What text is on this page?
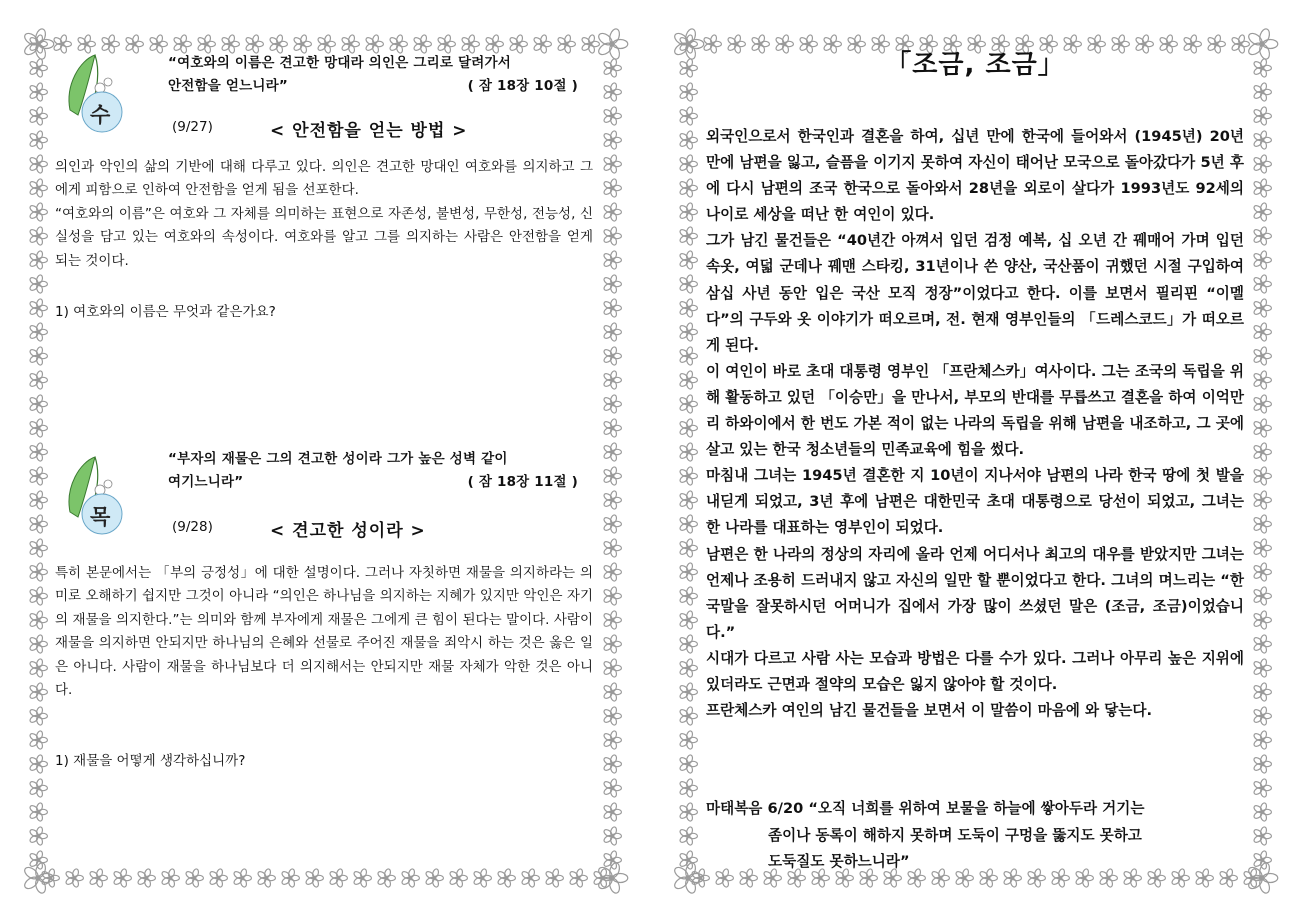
수
“여호와의 이름은 견고한 망대라 의인은 그리로 달려가서
안전함을 얻느니라”	( 잠 18장 10절 )
(9/27)	< 안전함을 얻는 방법 >

의인과 악인의 삶의 기반에 대해 다루고 있다. 의인은 견고한 망대인 여호와를 의지하고 그에게 피함으로 인하여 안전함을 얻게 됨을 선포한다.

“여호와의 이름”은 여호와 그 자체를 의미하는 표현으로 자존성, 불변성, 무한성, 전능성, 신실성을 담고 있는 여호와의 속성이다. 여호와를 알고 그를 의지하는 사람은 안전함을 얻게 되는 것이다.

1) 여호와의 이름은 무엇과 같은가요?
목
“부자의 재물은 그의 견고한 성이라 그가 높은 성벽 같이
여기느니라”	( 잠 18장 11절 )
(9/28)	< 견고한 성이라 >

특히 본문에서는 「부의 긍정성」에 대한 설명이다. 그러나 자칫하면 재물을 의지하라는 의미로 오해하기 쉽지만 그것이 아니라 “의인은 하나님을 의지하는 지혜가 있지만 악인은 자기의 재물을 의지한다.”는 의미와 함께 부자에게 재물은 그에게 큰 힘이 된다는 말이다. 사람이 재물을 의지하면 안되지만 하나님의 은혜와 선물로 주어진 재물을 죄악시 하는 것은 옳은 일은 아니다. 사람이 재물을 하나님보다 더 의지해서는 안되지만 재물 자체가 악한 것은 아니다.

1) 재물을 어떻게 생각하십니까?
「조금, 조금」

외국인으로서 한국인과 결혼을 하여, 십년 만에 한국에 들어와서 (1945년) 20년 만에 남편을 잃고, 슬픔을 이기지 못하여 자신이 태어난 모국으로 돌아갔다가 5년 후에 다시 남편의 조국 한국으로 돌아와서 28년을 외로이 살다가 1993년도 92세의 나이로 세상을 떠난 한 여인이 있다.

그가 남긴 물건들은 “40년간 아껴서 입던 검정 예복, 십 오년 간 꿰매어 가며 입던 속옷, 여덟 군데나 꿰맨 스타킹, 31년이나 쓴 양산, 국산품이 귀했던 시절 구입하여 삼십 사년 동안 입은 국산 모직 정장”이었다고 한다. 이를 보면서 필리핀 “이멜다”의 구두와 옷 이야기가 떠오르며, 전. 현재 영부인들의 「드레스코드」가 떠오르게 된다.

이 여인이 바로 초대 대통령 영부인 「프란체스카」여사이다. 그는 조국의 독립을 위해 활동하고 있던 「이승만」을 만나서, 부모의 반대를 무릅쓰고 결혼을 하여 이억만리 하와이에서 한 번도 가본 적이 없는 나라의 독립을 위해 남편을 내조하고, 그 곳에 살고 있는 한국 청소년들의 민족교육에 힘을 썼다.

마침내 그녀는 1945년 결혼한 지 10년이 지나서야 남편의 나라 한국 땅에 첫 발을 내딛게 되었고, 3년 후에 남편은 대한민국 초대 대통령으로 당선이 되었고, 그녀는 한 나라를 대표하는 영부인이 되었다.

남편은 한 나라의 정상의 자리에 올라 언제 어디서나 최고의 대우를 받았지만 그녀는 언제나 조용히 드러내지 않고 자신의 일만 할 뿐이었다고 한다. 그녀의 며느리는 “한국말을 잘못하시던 어머니가 집에서 가장 많이 쓰셨던 말은 (조금, 조금)이었습니다.”

시대가 다르고 사람 사는 모습과 방법은 다를 수가 있다. 그러나 아무리 높은 지위에 있더라도 근면과 절약의 모습은 잃지 않아야 할 것이다.

프란체스카 여인의 남긴 물건들을 보면서 이 말씀이 마음에 와 닿는다.

마태복음 6/20 “오직 너희를 위하여 보물을 하늘에 쌓아두라 거기는
좀이나 동록이 해하지 못하며 도둑이 구멍을 뚫지도 못하고
도둑질도 못하느니라”
